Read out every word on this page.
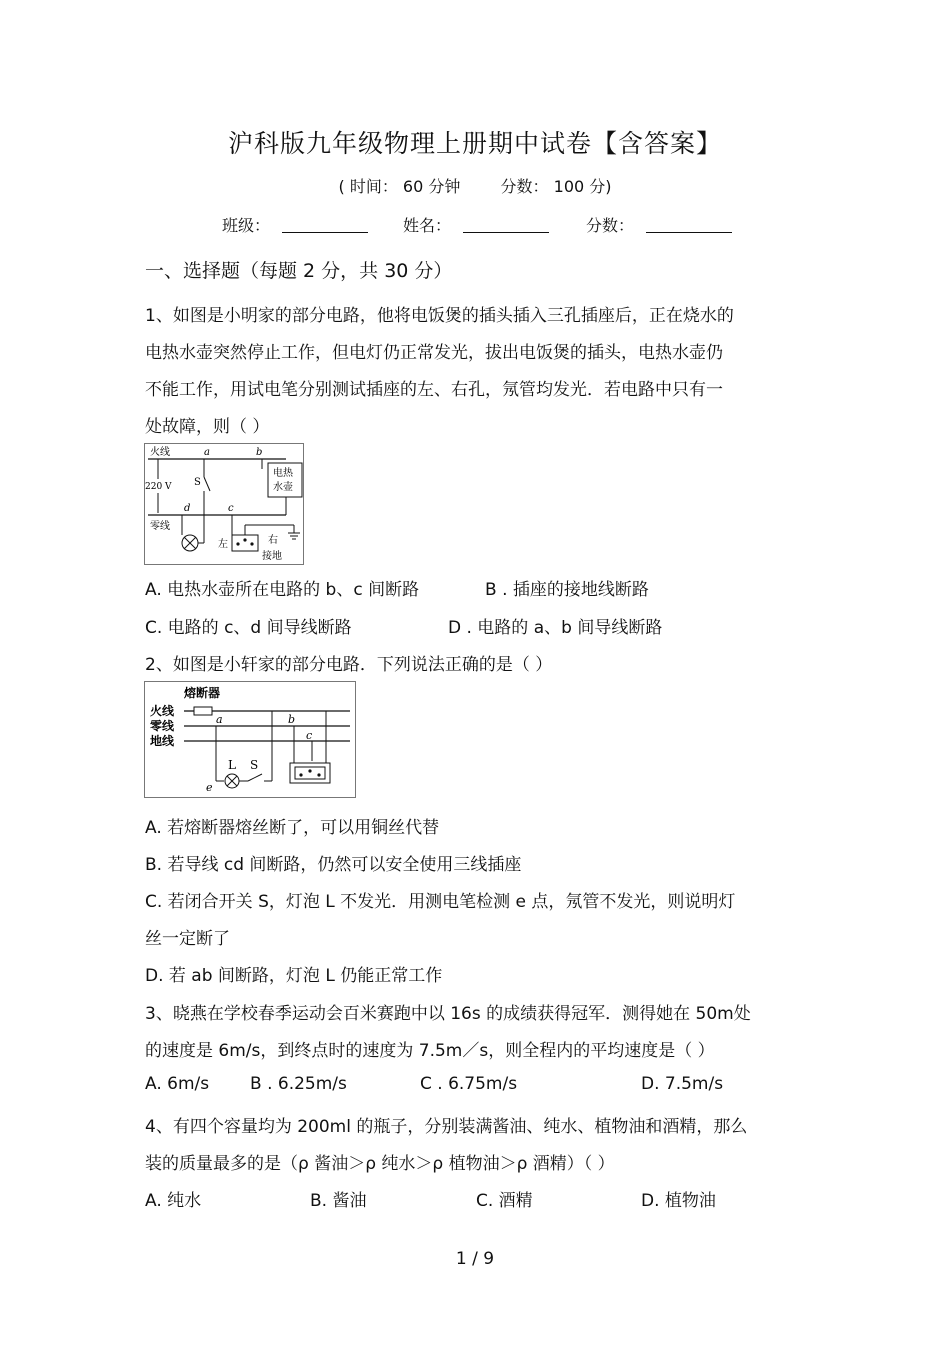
沪科版九年级物理上册期中试卷【含答案】
( 时间： 60 分钟	分数： 100 分)
班级：	姓名：	分数：
一、选择题（每题 2 分，共 30 分）
1、如图是小明家的部分电路，他将电饭煲的插头插入三孔插座后，正在烧水的
电热水壶突然停止工作，但电灯仍正常发光，拔出电饭煲的插头，电热水壶仍
不能工作，用试电笔分别测试插座的左、右孔，氖管均发光．若电路中只有一
处故障，则（ ）
火线	a	b
220 V S
电热
水壶
d	c
零线
左	右
接地
A. 电热水壶所在电路的 b、c 间断路	B . 插座的接地线断路
C. 电路的 c、d 间导线断路	D . 电路的 a、b 间导线断路
2、如图是小轩家的部分电路．下列说法正确的是（ ）
熔断器
火线
零线
地线
a	b
c
e
L S
A. 若熔断器熔丝断了，可以用铜丝代替
B. 若导线 cd 间断路，仍然可以安全使用三线插座
C. 若闭合开关 S，灯泡 L 不发光．用测电笔检测 e 点，氖管不发光，则说明灯
丝一定断了
D. 若 ab 间断路，灯泡 L 仍能正常工作
3、晓燕在学校春季运动会百米赛跑中以 16s 的成绩获得冠军．测得她在 50m处
的速度是 6m/s，到终点时的速度为 7.5m／s，则全程内的平均速度是（ ）
A. 6m/s B . 6.25m/s	C . 6.75m/s	D. 7.5m/s
4、有四个容量均为 200ml 的瓶子，分别装满酱油、纯水、植物油和酒精，那么
装的质量最多的是（ρ 酱油＞ρ 纯水＞ρ 植物油＞ρ 酒精）（ ）
A. 纯水	B. 酱油	C. 酒精	D. 植物油
1 / 9
